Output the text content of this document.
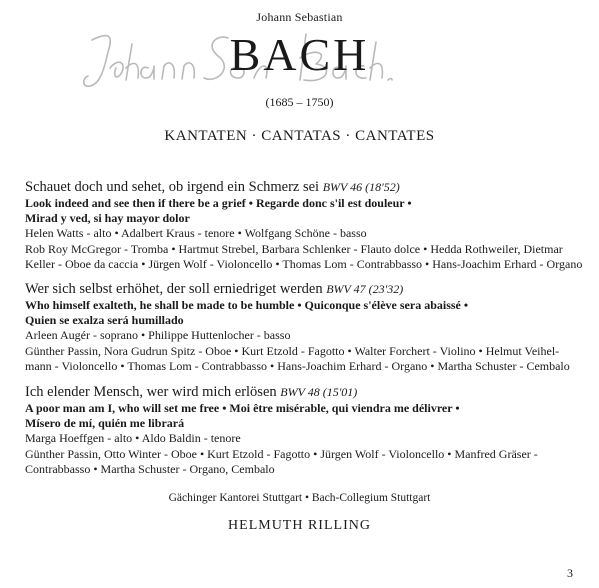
Johann Sebastian
BACH
(1685 – 1750)
KANTATEN · CANTATAS · CANTATES
Schauet doch und sehet, ob irgend ein Schmerz sei BWV 46 (18'52)
Look indeed and see then if there be a grief • Regarde donc s'il est douleur •
Mirad y ved, si hay mayor dolor
Helen Watts - alto • Adalbert Kraus - tenore • Wolfgang Schöne - basso
Rob Roy McGregor - Tromba • Hartmut Strebel, Barbara Schlenker - Flauto dolce • Hedda Rothweiler, Dietmar
Keller - Oboe da caccia • Jürgen Wolf - Violoncello • Thomas Lom - Contrabbasso • Hans-Joachim Erhard - Organo
Wer sich selbst erhöhet, der soll erniedriget werden BWV 47 (23'32)
Who himself exalteth, he shall be made to be humble • Quiconque s'élève sera abaissé •
Quien se exalza será humillado
Arleen Augér - soprano • Philippe Huttenlocher - basso
Günther Passin, Nora Gudrun Spitz - Oboe • Kurt Etzold - Fagotto • Walter Forchert - Violino • Helmut Veihel-
mann - Violoncello • Thomas Lom - Contrabbasso • Hans-Joachim Erhard - Organo • Martha Schuster - Cembalo
Ich elender Mensch, wer wird mich erlösen BWV 48 (15'01)
A poor man am I, who will set me free • Moi être misérable, qui viendra me délivrer •
Mísero de mí, quién me librará
Marga Hoeffgen - alto • Aldo Baldin - tenore
Günther Passin, Otto Winter - Oboe • Kurt Etzold - Fagotto • Jürgen Wolf - Violoncello • Manfred Gräser -
Contrabbasso • Martha Schuster - Organo, Cembalo
Gächinger Kantorei Stuttgart • Bach-Collegium Stuttgart
HELMUTH RILLING
3
